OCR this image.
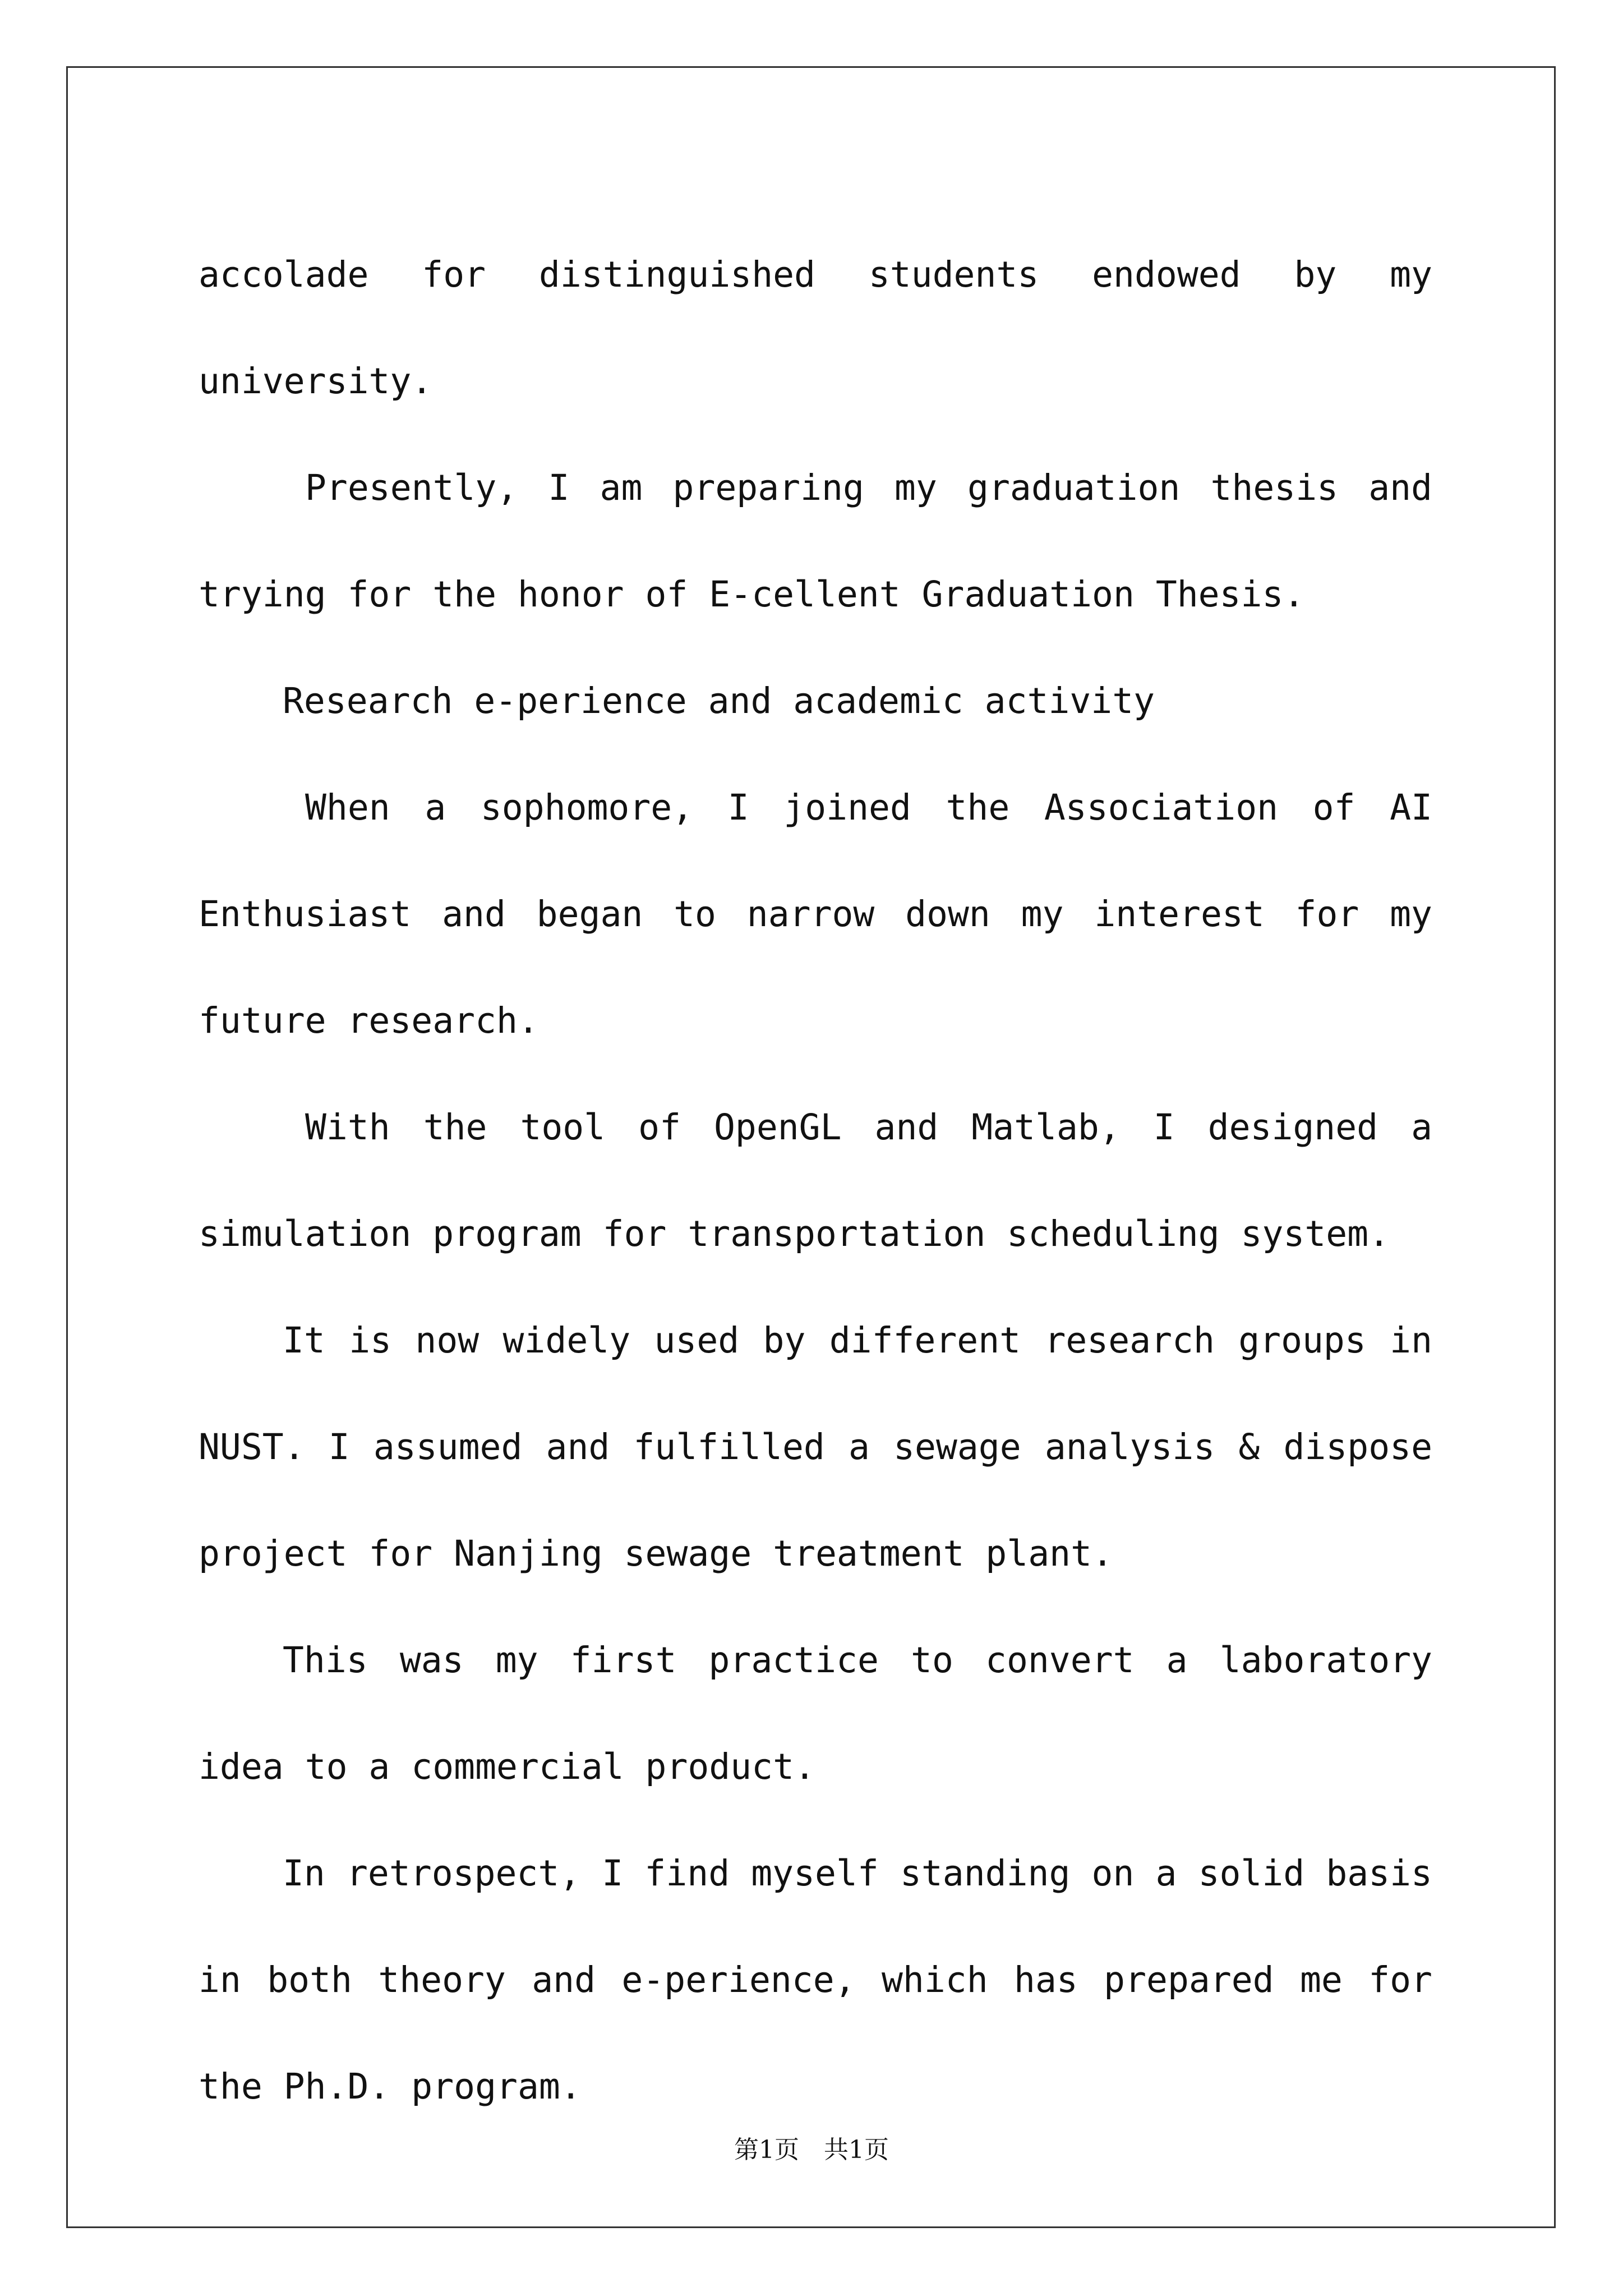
accolade for distinguished students endowed by my university.

Presently, I am preparing my graduation thesis and trying for the honor of E-cellent Graduation Thesis.

Research e-perience and academic activity

When a sophomore, I joined the Association of AI Enthusiast and began to narrow down my interest for my future research.

With the tool of OpenGL and Matlab, I designed a simulation program for transportation scheduling system.

It is now widely used by different research groups in NUST. I assumed and fulfilled a sewage analysis & dispose project for Nanjing sewage treatment plant.

This was my first practice to convert a laboratory idea to a commercial product.

In retrospect, I find myself standing on a solid basis in both theory and e-perience, which has prepared me for the Ph.D. program.

第1页　共1页
